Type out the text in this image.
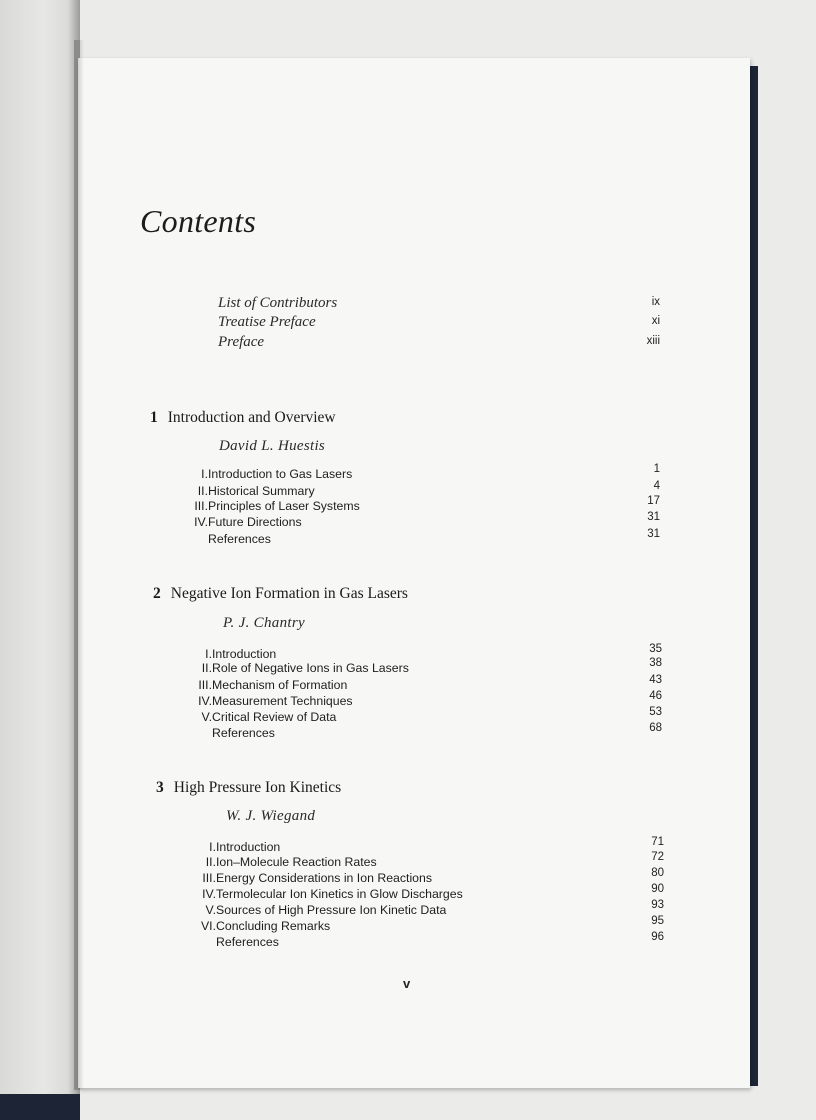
Contents
List of Contributors	ix
Treatise Preface	xi
Preface	xiii
1 Introduction and Overview
David L. Huestis
I. Introduction to Gas Lasers	1
II. Historical Summary	4
III. Principles of Laser Systems	17
IV. Future Directions	31
References	31
2 Negative Ion Formation in Gas Lasers
P. J. Chantry
I. Introduction	35
II. Role of Negative Ions in Gas Lasers	38
III. Mechanism of Formation	43
IV. Measurement Techniques	46
V. Critical Review of Data	53
References	68
3 High Pressure Ion Kinetics
W. J. Wiegand
I. Introduction	71
II. Ion–Molecule Reaction Rates	72
III. Energy Considerations in Ion Reactions	80
IV. Termolecular Ion Kinetics in Glow Discharges	90
V. Sources of High Pressure Ion Kinetic Data	93
VI. Concluding Remarks	95
References	96
v
